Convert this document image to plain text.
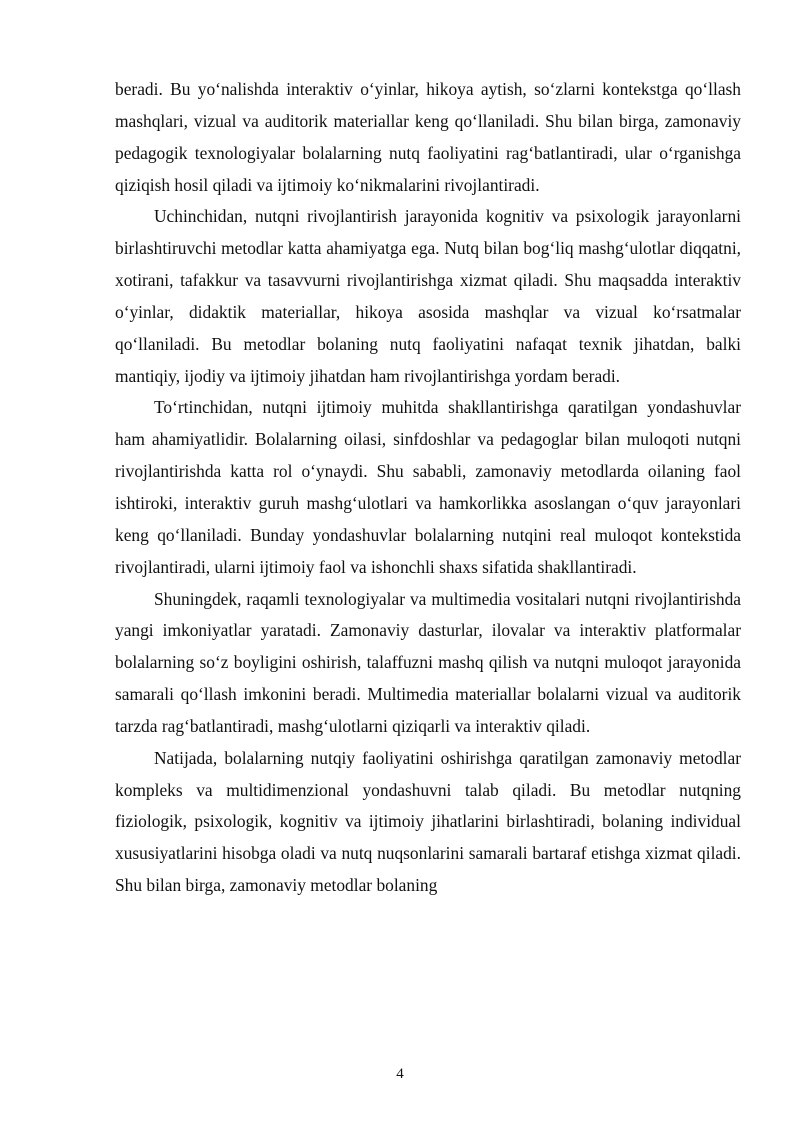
beradi. Bu yo‘nalishda interaktiv o‘yinlar, hikoya aytish, so‘zlarni kontekstga qo‘llash mashqlari, vizual va auditorik materiallar keng qo‘llaniladi. Shu bilan birga, zamonaviy pedagogik texnologiyalar bolalarning nutq faoliyatini rag‘batlantiradi, ular o‘rganishga qiziqish hosil qiladi va ijtimoiy ko‘nikmalarini rivojlantiradi.

Uchinchidan, nutqni rivojlantirish jarayonida kognitiv va psixologik jarayonlarni birlashtiruvchi metodlar katta ahamiyatga ega. Nutq bilan bog‘liq mashg‘ulotlar diqqatni, xotirani, tafakkur va tasavvurni rivojlantirishga xizmat qiladi. Shu maqsadda interaktiv o‘yinlar, didaktik materiallar, hikoya asosida mashqlar va vizual ko‘rsatmalar qo‘llaniladi. Bu metodlar bolaning nutq faoliyatini nafaqat texnik jihatdan, balki mantiqiy, ijodiy va ijtimoiy jihatdan ham rivojlantirishga yordam beradi.

To‘rtinchidan, nutqni ijtimoiy muhitda shakllantirishga qaratilgan yondashuvlar ham ahamiyatlidir. Bolalarning oilasi, sinfdoshlar va pedagoglar bilan muloqoti nutqni rivojlantirishda katta rol o‘ynaydi. Shu sababli, zamonaviy metodlarda oilaning faol ishtiroki, interaktiv guruh mashg‘ulotlari va hamkorlikka asoslangan o‘quv jarayonlari keng qo‘llaniladi. Bunday yondashuvlar bolalarning nutqini real muloqot kontekstida rivojlantiradi, ularni ijtimoiy faol va ishonchli shaxs sifatida shakllantiradi.

Shuningdek, raqamli texnologiyalar va multimedia vositalari nutqni rivojlantirishda yangi imkoniyatlar yaratadi. Zamonaviy dasturlar, ilovalar va interaktiv platformalar bolalarning so‘z boyligini oshirish, talaffuzni mashq qilish va nutqni muloqot jarayonida samarali qo‘llash imkonini beradi. Multimedia materiallar bolalarni vizual va auditorik tarzda rag‘batlantiradi, mashg‘ulotlarni qiziqarli va interaktiv qiladi.

Natijada, bolalarning nutqiy faoliyatini oshirishga qaratilgan zamonaviy metodlar kompleks va multidimenzional yondashuvni talab qiladi. Bu metodlar nutqning fiziologik, psixologik, kognitiv va ijtimoiy jihatlarini birlashtiradi, bolaning individual xususiyatlarini hisobga oladi va nutq nuqsonlarini samarali bartaraf etishga xizmat qiladi. Shu bilan birga, zamonaviy metodlar bolaning

4
